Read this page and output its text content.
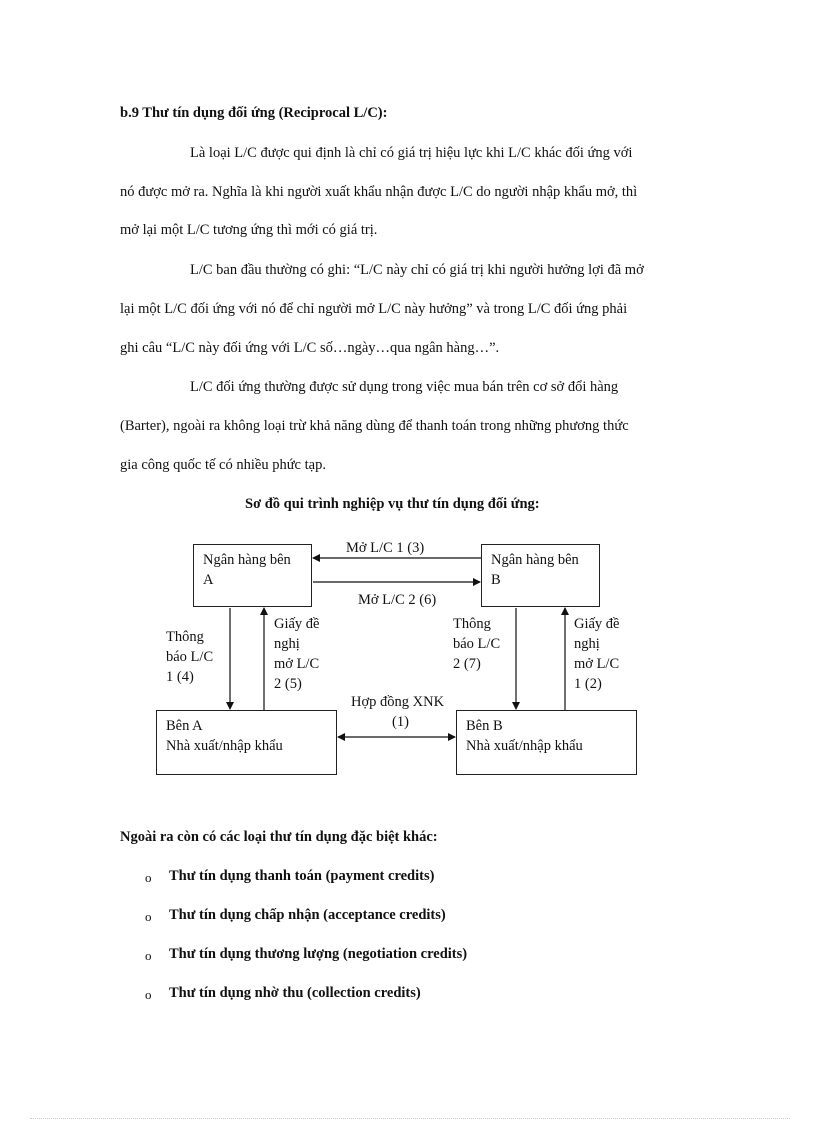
b.9 Thư tín dụng đối ứng (Reciprocal L/C):
Là loại L/C được qui định là chỉ có giá trị hiệu lực khi L/C khác đối ứng với
nó được mở ra. Nghĩa là khi người xuất khẩu nhận được L/C do người nhập khẩu mở, thì
mở lại một L/C tương ứng thì mới có giá trị.
L/C ban đầu thường có ghi: “L/C này chỉ có giá trị khi người hưởng lợi đã mở
lại một L/C đối ứng với nó để chỉ người mở L/C này hưởng” và trong L/C đối ứng phải
ghi câu “L/C này đối ứng với L/C số…ngày…qua ngân hàng…”.
L/C đối ứng thường được sử dụng trong việc mua bán trên cơ sở đổi hàng
(Barter), ngoài ra không loại trừ khả năng dùng để thanh toán trong những phương thức
gia công quốc tế có nhiều phức tạp.
Sơ đồ qui trình nghiệp vụ thư tín dụng đối ứng:
Ngân hàng bên
A
Ngân hàng bên
B
Bên A
Nhà xuất/nhập khẩu
Bên B
Nhà xuất/nhập khẩu
Mở L/C 1 (3)
Mở L/C 2 (6)
Thông
báo L/C
1 (4)
Giấy đề
nghị
mở L/C
2 (5)
Thông
báo L/C
2 (7)
Giấy đề
nghị
mở L/C
1 (2)
Hợp đồng XNK
(1)
Ngoài ra còn có các loại thư tín dụng đặc biệt khác:
o Thư tín dụng thanh toán (payment credits)
o Thư tín dụng chấp nhận (acceptance credits)
o Thư tín dụng thương lượng (negotiation credits)
o Thư tín dụng nhờ thu (collection credits)
